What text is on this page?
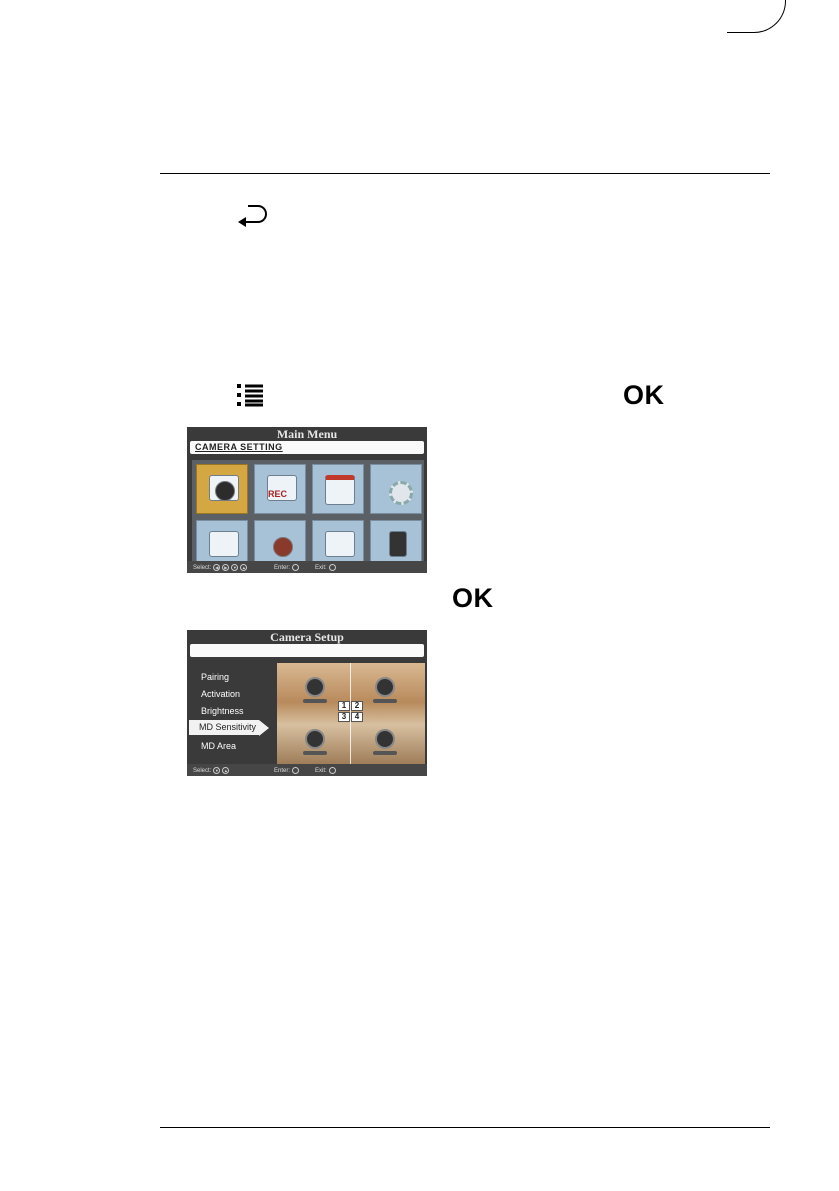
OK
OK
Main Menu
CAMERA SETTING
REC
Select: ◀	▶	▼	▲	Enter:	Exit:
Camera Setup
Pairing
Activation
Brightness
MD Sensitivity
MD Area
1	2
3	4
Select: ▼	▲	Enter:	Exit:
